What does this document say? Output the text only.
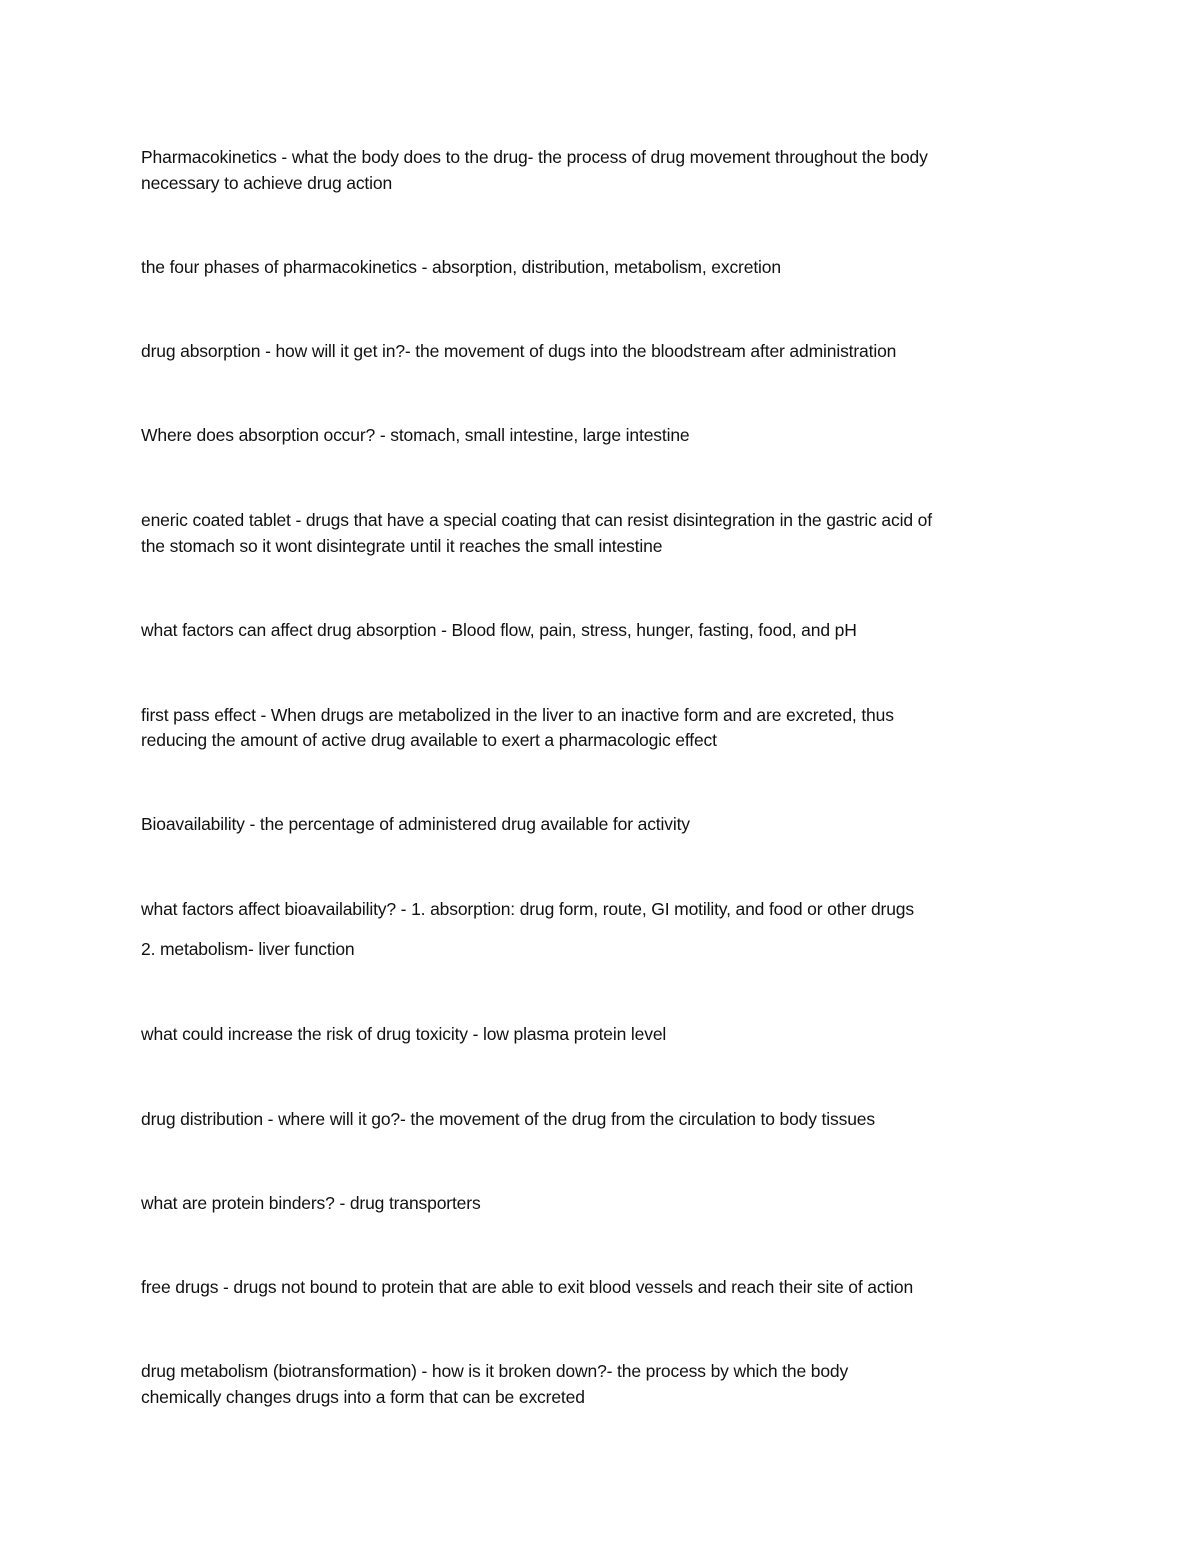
Pharmacokinetics - what the body does to the drug- the process of drug movement throughout the body
necessary to achieve drug action
the four phases of pharmacokinetics - absorption, distribution, metabolism, excretion
drug absorption - how will it get in?- the movement of dugs into the bloodstream after administration
Where does absorption occur? - stomach, small intestine, large intestine
eneric coated tablet - drugs that have a special coating that can resist disintegration in the gastric acid of
the stomach so it wont disintegrate until it reaches the small intestine
what factors can affect drug absorption - Blood flow, pain, stress, hunger, fasting, food, and pH
first pass effect - When drugs are metabolized in the liver to an inactive form and are excreted, thus
reducing the amount of active drug available to exert a pharmacologic effect
Bioavailability - the percentage of administered drug available for activity
what factors affect bioavailability? - 1. absorption: drug form, route, GI motility, and food or other drugs
2. metabolism- liver function
what could increase the risk of drug toxicity - low plasma protein level
drug distribution - where will it go?- the movement of the drug from the circulation to body tissues
what are protein binders? - drug transporters
free drugs - drugs not bound to protein that are able to exit blood vessels and reach their site of action
drug metabolism (biotransformation) - how is it broken down?- the process by which the body
chemically changes drugs into a form that can be excreted
